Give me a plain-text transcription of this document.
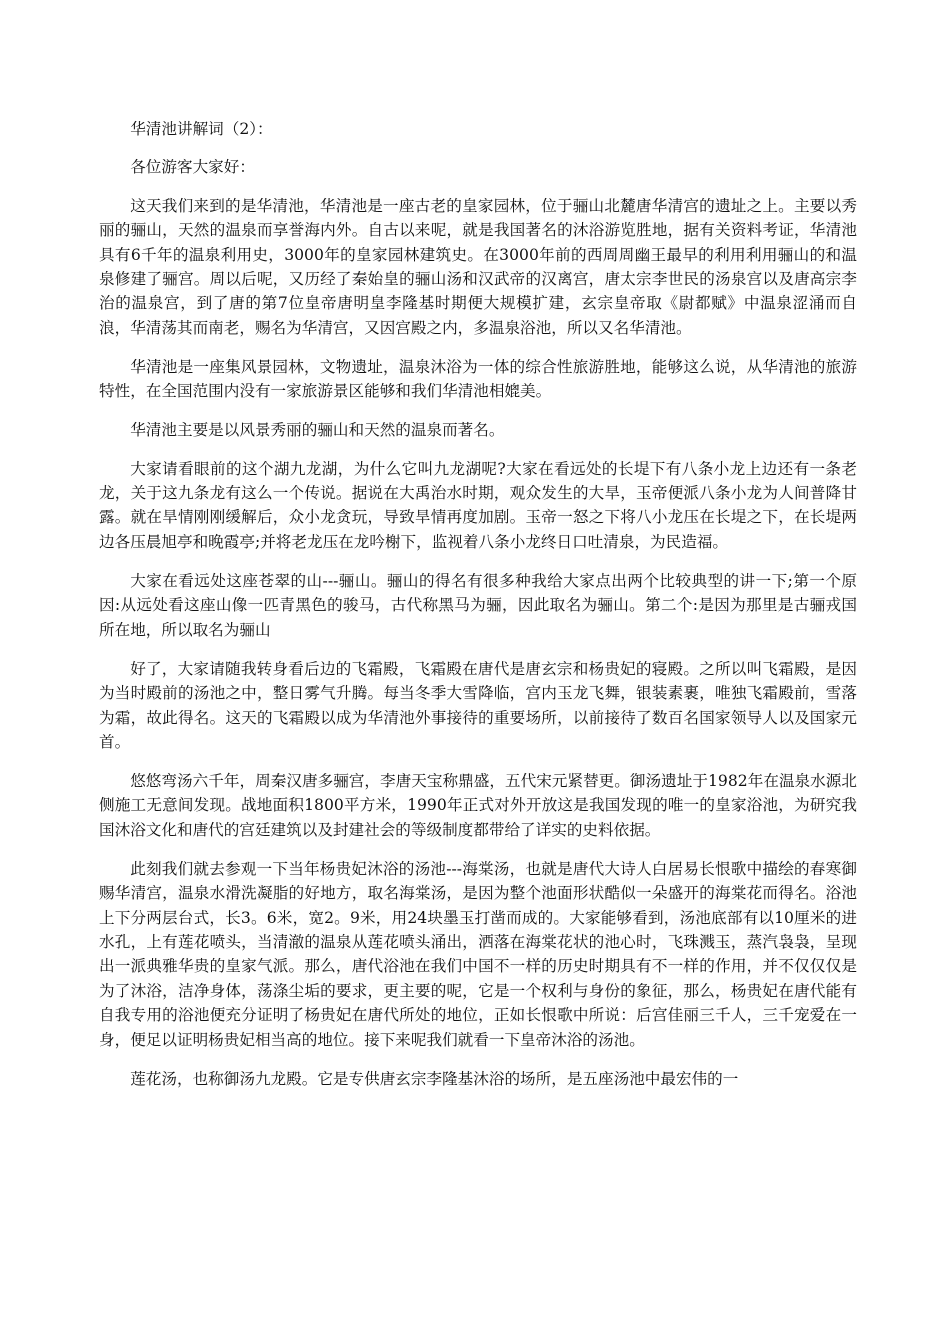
华清池讲解词（2）：

各位游客大家好：

这天我们来到的是华清池，华清池是一座古老的皇家园林，位于骊山北麓唐华清宫的遗址之上。主要以秀丽的骊山，天然的温泉而享誉海内外。自古以来呢，就是我国著名的沐浴游览胜地，据有关资料考证，华清池具有6千年的温泉利用史，3000年的皇家园林建筑史。在3000年前的西周周幽王最早的利用利用骊山的和温泉修建了骊宫。周以后呢，又历经了秦始皇的骊山汤和汉武帝的汉离宫，唐太宗李世民的汤泉宫以及唐高宗李治的温泉宫，到了唐的第7位皇帝唐明皇李隆基时期便大规模扩建，玄宗皇帝取《尉都赋》中温泉涩涌而自浪，华清荡其而南老，赐名为华清宫，又因宫殿之内，多温泉浴池，所以又名华清池。

华清池是一座集风景园林，文物遗址，温泉沐浴为一体的综合性旅游胜地，能够这么说，从华清池的旅游特性，在全国范围内没有一家旅游景区能够和我们华清池相媲美。

华清池主要是以风景秀丽的骊山和天然的温泉而著名。

大家请看眼前的这个湖九龙湖，为什么它叫九龙湖呢?大家在看远处的长堤下有八条小龙上边还有一条老龙，关于这九条龙有这么一个传说。据说在大禹治水时期，观众发生的大旱，玉帝便派八条小龙为人间普降甘露。就在旱情刚刚缓解后，众小龙贪玩，导致旱情再度加剧。玉帝一怒之下将八小龙压在长堤之下，在长堤两边各压晨旭亭和晚霞亭;并将老龙压在龙吟榭下，监视着八条小龙终日口吐清泉，为民造福。

大家在看远处这座苍翠的山---骊山。骊山的得名有很多种我给大家点出两个比较典型的讲一下;第一个原因:从远处看这座山像一匹青黑色的骏马，古代称黑马为骊，因此取名为骊山。第二个:是因为那里是古骊戎国所在地，所以取名为骊山

好了，大家请随我转身看后边的飞霜殿，飞霜殿在唐代是唐玄宗和杨贵妃的寝殿。之所以叫飞霜殿，是因为当时殿前的汤池之中，整日雾气升腾。每当冬季大雪降临，宫内玉龙飞舞，银装素裹，唯独飞霜殿前，雪落为霜，故此得名。这天的飞霜殿以成为华清池外事接待的重要场所，以前接待了数百名国家领导人以及国家元首。

悠悠弯汤六千年，周秦汉唐多骊宫，李唐天宝称鼎盛，五代宋元紧替更。御汤遗址于1982年在温泉水源北侧施工无意间发现。战地面积1800平方米，1990年正式对外开放这是我国发现的唯一的皇家浴池，为研究我国沐浴文化和唐代的宫廷建筑以及封建社会的等级制度都带给了详实的史料依据。

此刻我们就去参观一下当年杨贵妃沐浴的汤池---海棠汤，也就是唐代大诗人白居易长恨歌中描绘的春寒御赐华清宫，温泉水滑洗凝脂的好地方，取名海棠汤，是因为整个池面形状酷似一朵盛开的海棠花而得名。浴池上下分两层台式，长3。6米，宽2。9米，用24块墨玉打凿而成的。大家能够看到，汤池底部有以10厘米的进水孔，上有莲花喷头，当清澈的温泉从莲花喷头涌出，洒落在海棠花状的池心时，飞珠溅玉，蒸汽袅袅，呈现出一派典雅华贵的皇家气派。那么，唐代浴池在我们中国不一样的历史时期具有不一样的作用，并不仅仅仅是为了沐浴，洁净身体，荡涤尘垢的要求，更主要的呢，它是一个权利与身份的象征，那么，杨贵妃在唐代能有自我专用的浴池便充分证明了杨贵妃在唐代所处的地位，正如长恨歌中所说：后宫佳丽三千人，三千宠爱在一身，便足以证明杨贵妃相当高的地位。接下来呢我们就看一下皇帝沐浴的汤池。

莲花汤，也称御汤九龙殿。它是专供唐玄宗李隆基沐浴的场所，是五座汤池中最宏伟的一
